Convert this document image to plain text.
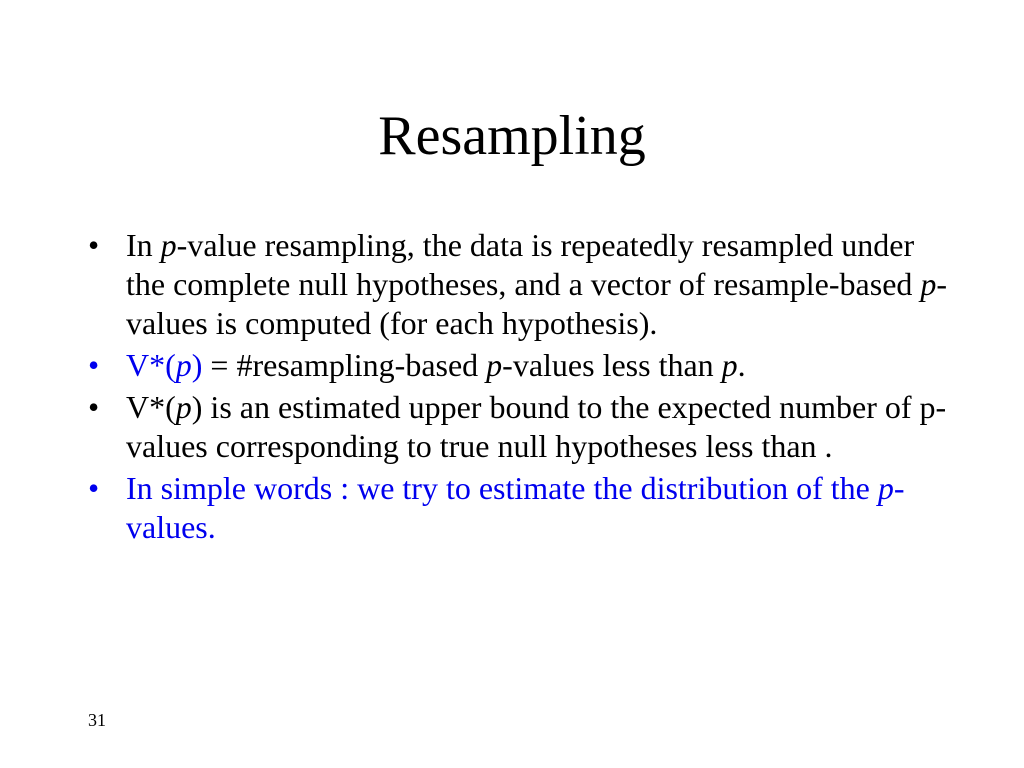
Resampling
• In p-value resampling, the data is repeatedly resampled under the complete null hypotheses, and a vector of resample-based p-values is computed (for each hypothesis).
• V*(p) = #resampling-based p-values less than p.
• V*(p) is an estimated upper bound to the expected number of p-values corresponding to true null hypotheses less than .
• In simple words : we try to estimate the distribution of the p-values.
31
